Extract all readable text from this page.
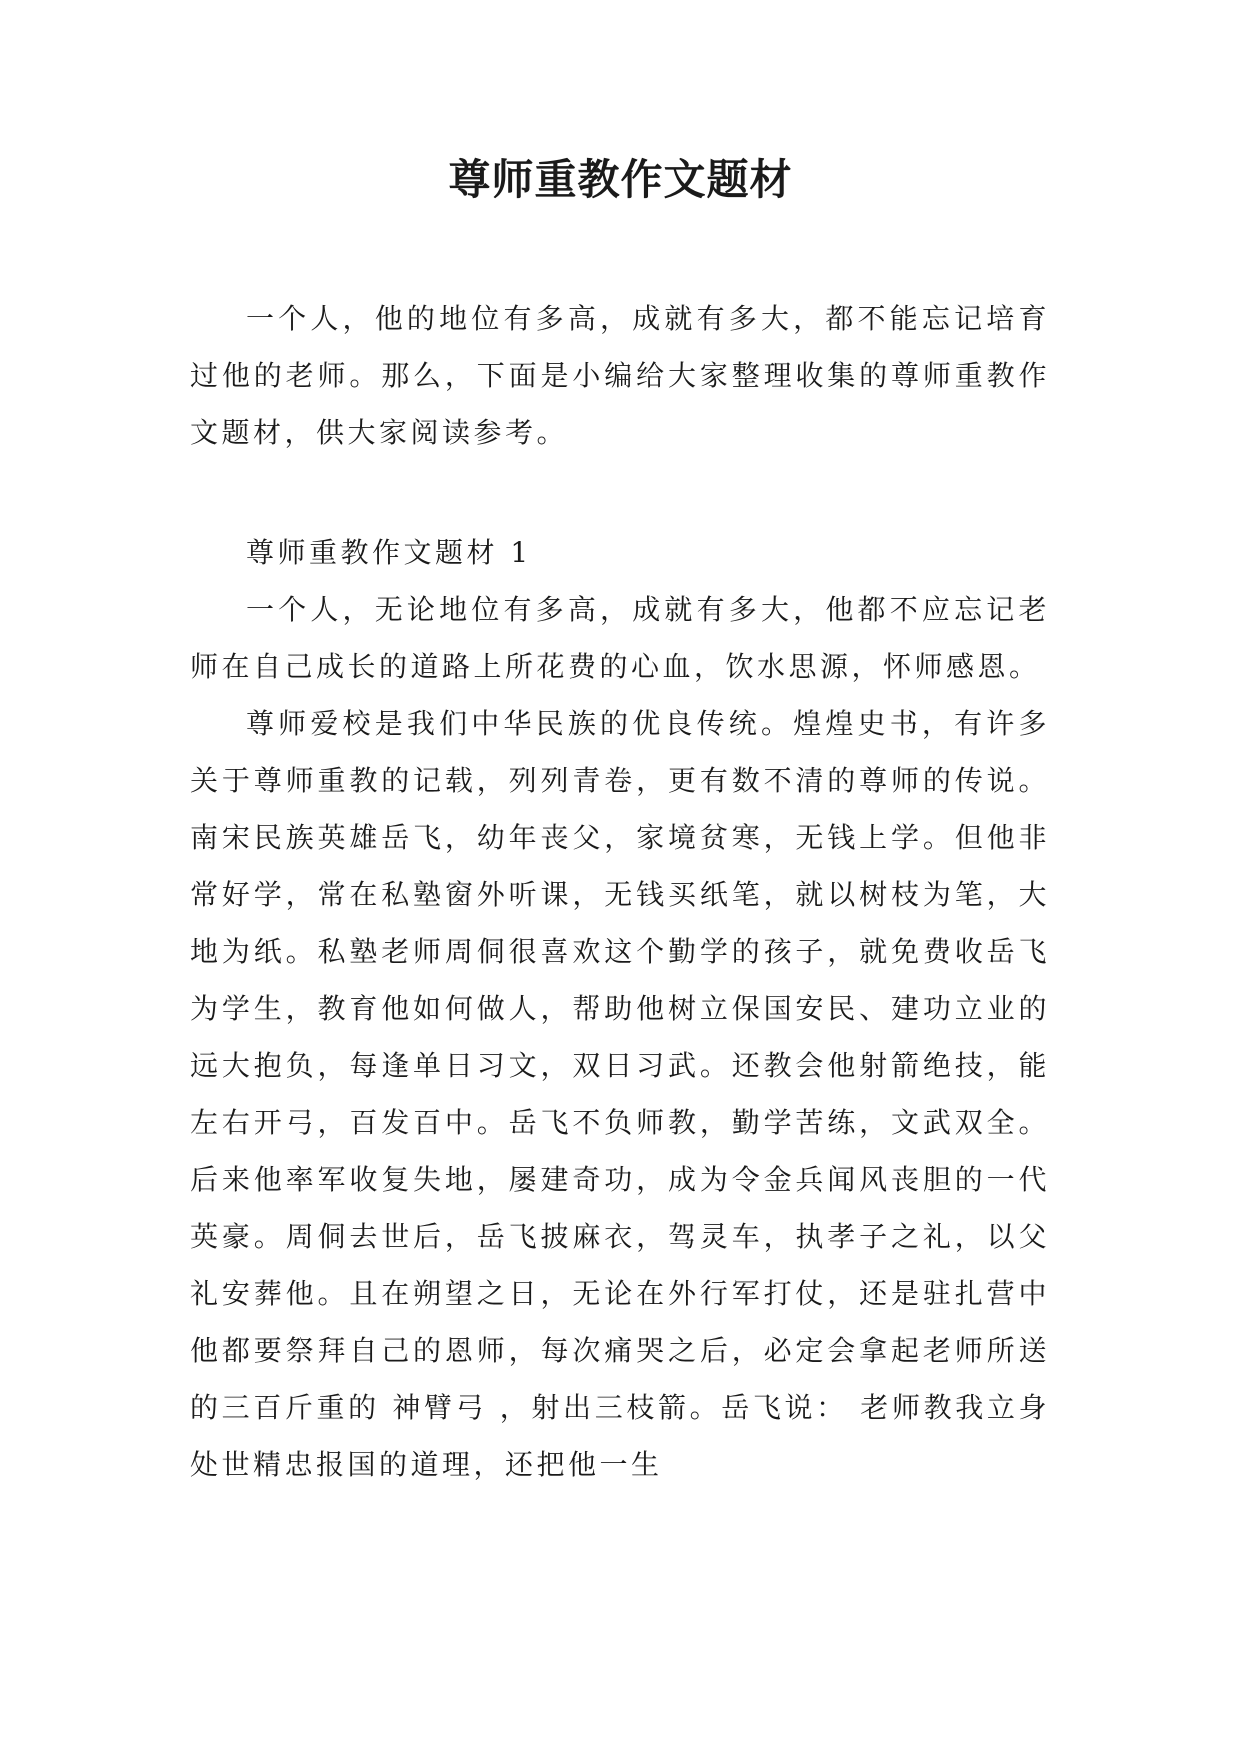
尊师重教作文题材

一个人，他的地位有多高，成就有多大，都不能忘记培育过他的老师。那么，下面是小编给大家整理收集的尊师重教作文题材，供大家阅读参考。

尊师重教作文题材 1

一个人，无论地位有多高，成就有多大，他都不应忘记老师在自己成长的道路上所花费的心血，饮水思源，怀师感恩。

尊师爱校是我们中华民族的优良传统。煌煌史书，有许多关于尊师重教的记载，列列青卷，更有数不清的尊师的传说。南宋民族英雄岳飞，幼年丧父，家境贫寒，无钱上学。但他非常好学，常在私塾窗外听课，无钱买纸笔，就以树枝为笔，大地为纸。私塾老师周侗很喜欢这个勤学的孩子，就免费收岳飞为学生，教育他如何做人，帮助他树立保国安民、建功立业的远大抱负，每逢单日习文，双日习武。还教会他射箭绝技，能左右开弓，百发百中。岳飞不负师教，勤学苦练，文武双全。后来他率军收复失地，屡建奇功，成为令金兵闻风丧胆的一代英豪。周侗去世后，岳飞披麻衣，驾灵车，执孝子之礼，以父礼安葬他。且在朔望之日，无论在外行军打仗，还是驻扎营中他都要祭拜自己的恩师，每次痛哭之后，必定会拿起老师所送的三百斤重的 神臂弓 ，射出三枝箭。岳飞说： 老师教我立身处世精忠报国的道理，还把他一生
